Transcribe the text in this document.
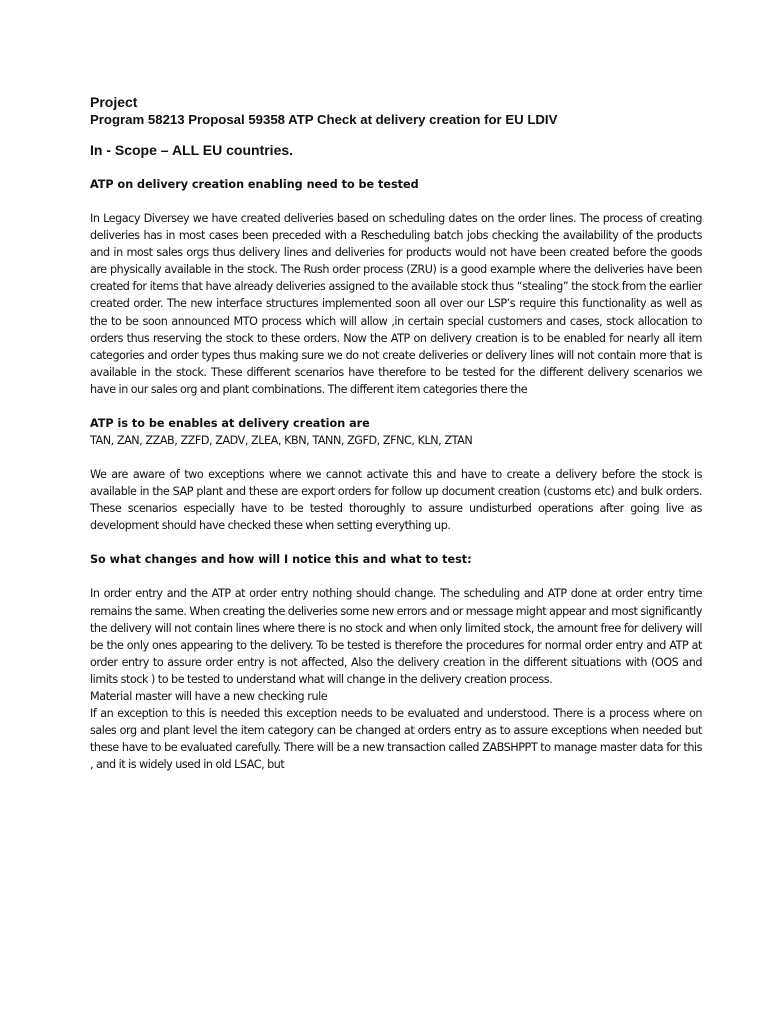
Project

Program 58213 Proposal 59358 ATP Check at delivery creation for EU LDIV

In - Scope – ALL EU countries.

ATP on delivery creation enabling need to be tested

In Legacy Diversey we have created deliveries based on scheduling dates on the order lines. The process of creating deliveries has in most cases been preceded with a Rescheduling batch jobs checking the availability of the products and in most sales orgs thus delivery lines and deliveries for products would not have been created before the goods are physically available in the stock. The Rush order process (ZRU) is a good example where the deliveries have been created for items that have already deliveries assigned to the available stock thus “stealing” the stock from the earlier created order. The new interface structures implemented soon all over our LSP’s require this functionality as well as the to be soon announced MTO process which will allow ,in certain special customers and cases, stock allocation to orders thus reserving the stock to these orders. Now the ATP on delivery creation is to be enabled for nearly all item categories and order types thus making sure we do not create deliveries or delivery lines will not contain more that is available in the stock. These different scenarios have therefore to be tested for the different delivery scenarios we have in our sales org and plant combinations. The different item categories there the

ATP is to be enables at delivery creation are

TAN, ZAN, ZZAB, ZZFD, ZADV, ZLEA, KBN, TANN, ZGFD, ZFNC, KLN, ZTAN

We are aware of two exceptions where we cannot activate this and have to create a delivery before the stock is available in the SAP plant and these are export orders for follow up document creation (customs etc) and bulk orders. These scenarios especially have to be tested thoroughly to assure undisturbed operations after going live as development should have checked these when setting everything up.

So what changes and how will I notice this and what to test:

In order entry and the ATP at order entry nothing should change. The scheduling and ATP done at order entry time remains the same. When creating the deliveries some new errors and or message might appear and most significantly the delivery will not contain lines where there is no stock and when only limited stock, the amount free for delivery will be the only ones appearing to the delivery. To be tested is therefore the procedures for normal order entry and ATP at order entry to assure order entry is not affected, Also the delivery creation in the different situations with (OOS and limits stock ) to be tested to understand what will change in the delivery creation process.

Material master will have a new checking rule

If an exception to this is needed this exception needs to be evaluated and understood. There is a process where on sales org and plant level the item category can be changed at orders entry as to assure exceptions when needed but these have to be evaluated carefully. There will be a new transaction called ZABSHPPT to manage master data for this , and it is widely used in old LSAC, but
